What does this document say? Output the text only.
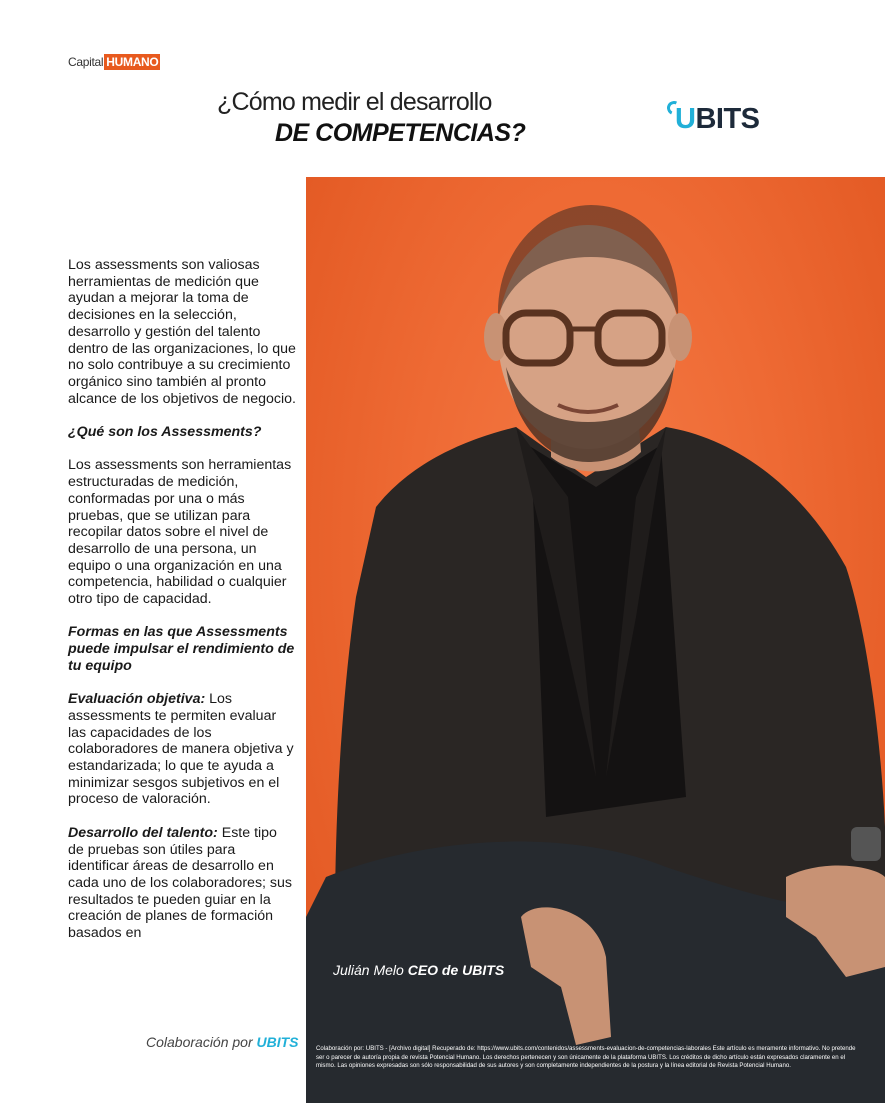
Capital HUMANO
¿Cómo medir el desarrollo
DE COMPETENCIAS?	UBITS

Los assessments son valiosas herramientas de medición que ayudan a mejorar la toma de decisiones en la selección, desarrollo y gestión del talento dentro de las organizaciones, lo que no solo contribuye a su crecimiento orgánico sino también al pronto alcance de los objetivos de negocio.

¿Qué son los Assessments?

Los assessments son herramientas estructuradas de medición, conformadas por una o más pruebas, que se utilizan para recopilar datos sobre el nivel de desarrollo de una persona, un equipo o una organización en una competencia, habilidad o cualquier otro tipo de capacidad.

Formas en las que Assessments puede impulsar el rendimiento de tu equipo

Evaluación objetiva: Los assessments te permiten evaluar las capacidades de los colaboradores de manera objetiva y estandarizada; lo que te ayuda a minimizar sesgos subjetivos en el proceso de valoración.

Desarrollo del talento: Este tipo de pruebas son útiles para identificar áreas de desarrollo en cada uno de los colaboradores; sus resultados te pueden guiar en la creación de planes de formación basados en

Colaboración por UBITS
Julián Melo CEO de UBITS
Colaboración por: UBITS - [Archivo digital] Recuperado de: https://www.ubits.com/contenidos/assessments-evaluacion-de-competencias-laborales Este artículo es meramente informativo. No pretende ser o parecer de autoría propia de revista Potencial Humano. Los derechos pertenecen y son únicamente de la plataforma UBITS. Los créditos de dicho artículo están expresados claramente en el mismo. Las opiniones expresadas son sólo responsabilidad de sus autores y son completamente independientes de la postura y la línea editorial de Revista Potencial Humano.
